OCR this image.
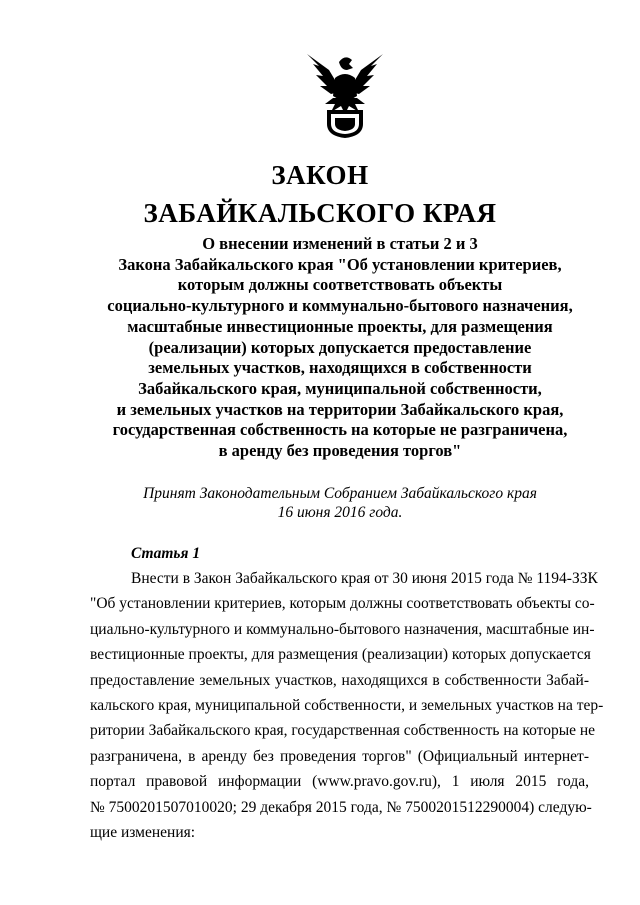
ЗАКОН
ЗАБАЙКАЛЬСКОГО КРАЯ
О внесении изменений в статьи 2 и 3
Закона Забайкальского края "Об установлении критериев,
которым должны соответствовать объекты
социально-культурного и коммунально-бытового назначения,
масштабные инвестиционные проекты, для размещения
(реализации) которых допускается предоставление
земельных участков, находящихся в собственности
Забайкальского края, муниципальной собственности,
и земельных участков на территории Забайкальского края,
государственная собственность на которые не разграничена,
в аренду без проведения торгов"
Принят Законодательным Собранием Забайкальского края
16 июня 2016 года.
Статья 1
Внести в Закон Забайкальского края от 30 июня 2015 года № 1194-ЗЗК
"Об установлении критериев, которым должны соответствовать объекты со-
циально-культурного и коммунально-бытового назначения, масштабные ин-
вестиционные проекты, для размещения (реализации) которых допускается
предоставление земельных участков, находящихся в собственности Забай-
кальского края, муниципальной собственности, и земельных участков на тер-
ритории Забайкальского края, государственная собственность на которые не
разграничена, в аренду без проведения торгов" (Официальный интернет-
портал правовой информации (www.pravo.gov.ru), 1 июля 2015 года,
№ 7500201507010020; 29 декабря 2015 года, № 7500201512290004) следую-
щие изменения:
